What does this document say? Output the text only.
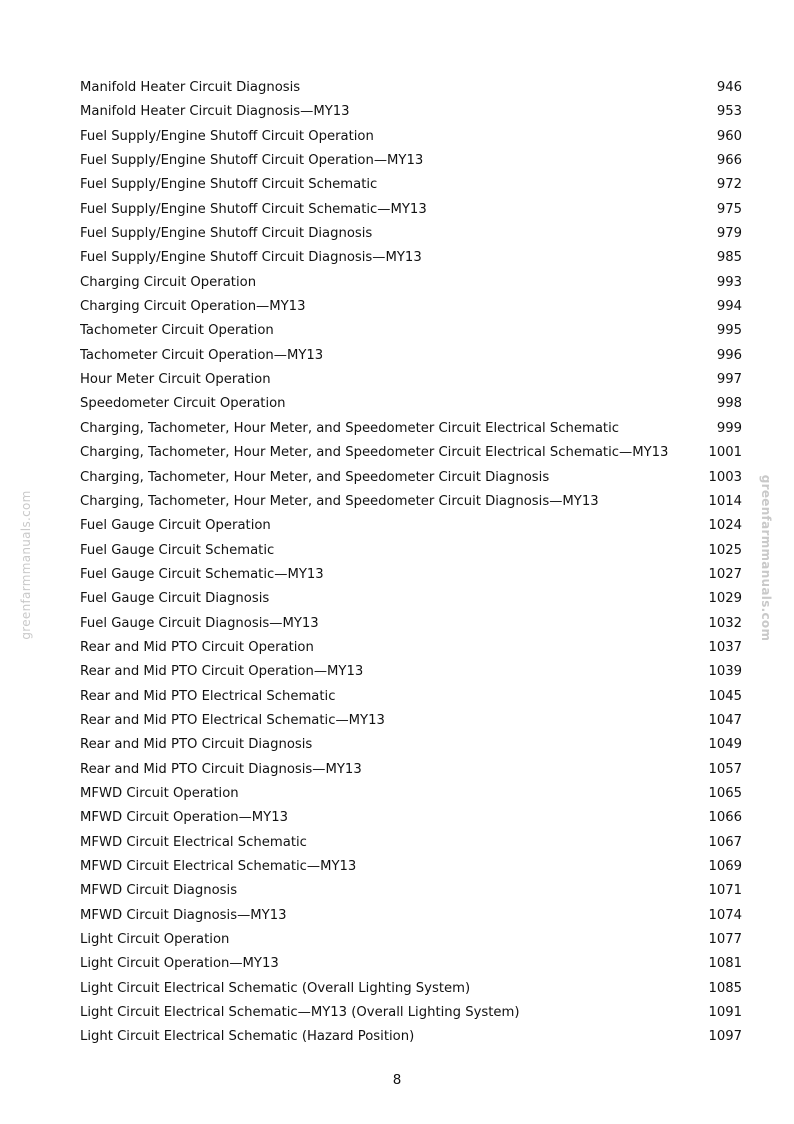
greenfarmmanuals.com	greenfarmmanuals.com
Manifold Heater Circuit Diagnosis	946
Manifold Heater Circuit Diagnosis—MY13	953
Fuel Supply/Engine Shutoff Circuit Operation	960
Fuel Supply/Engine Shutoff Circuit Operation—MY13	966
Fuel Supply/Engine Shutoff Circuit Schematic	972
Fuel Supply/Engine Shutoff Circuit Schematic—MY13	975
Fuel Supply/Engine Shutoff Circuit Diagnosis	979
Fuel Supply/Engine Shutoff Circuit Diagnosis—MY13	985
Charging Circuit Operation	993
Charging Circuit Operation—MY13	994
Tachometer Circuit Operation	995
Tachometer Circuit Operation—MY13	996
Hour Meter Circuit Operation	997
Speedometer Circuit Operation	998
Charging, Tachometer, Hour Meter, and Speedometer Circuit Electrical Schematic	999
Charging, Tachometer, Hour Meter, and Speedometer Circuit Electrical Schematic—MY13	1001
Charging, Tachometer, Hour Meter, and Speedometer Circuit Diagnosis	1003
Charging, Tachometer, Hour Meter, and Speedometer Circuit Diagnosis—MY13	1014
Fuel Gauge Circuit Operation	1024
Fuel Gauge Circuit Schematic	1025
Fuel Gauge Circuit Schematic—MY13	1027
Fuel Gauge Circuit Diagnosis	1029
Fuel Gauge Circuit Diagnosis—MY13	1032
Rear and Mid PTO Circuit Operation	1037
Rear and Mid PTO Circuit Operation—MY13	1039
Rear and Mid PTO Electrical Schematic	1045
Rear and Mid PTO Electrical Schematic—MY13	1047
Rear and Mid PTO Circuit Diagnosis	1049
Rear and Mid PTO Circuit Diagnosis—MY13	1057
MFWD Circuit Operation	1065
MFWD Circuit Operation—MY13	1066
MFWD Circuit Electrical Schematic	1067
MFWD Circuit Electrical Schematic—MY13	1069
MFWD Circuit Diagnosis	1071
MFWD Circuit Diagnosis—MY13	1074
Light Circuit Operation	1077
Light Circuit Operation—MY13	1081
Light Circuit Electrical Schematic (Overall Lighting System)	1085
Light Circuit Electrical Schematic—MY13 (Overall Lighting System)	1091
Light Circuit Electrical Schematic (Hazard Position)	1097
8
